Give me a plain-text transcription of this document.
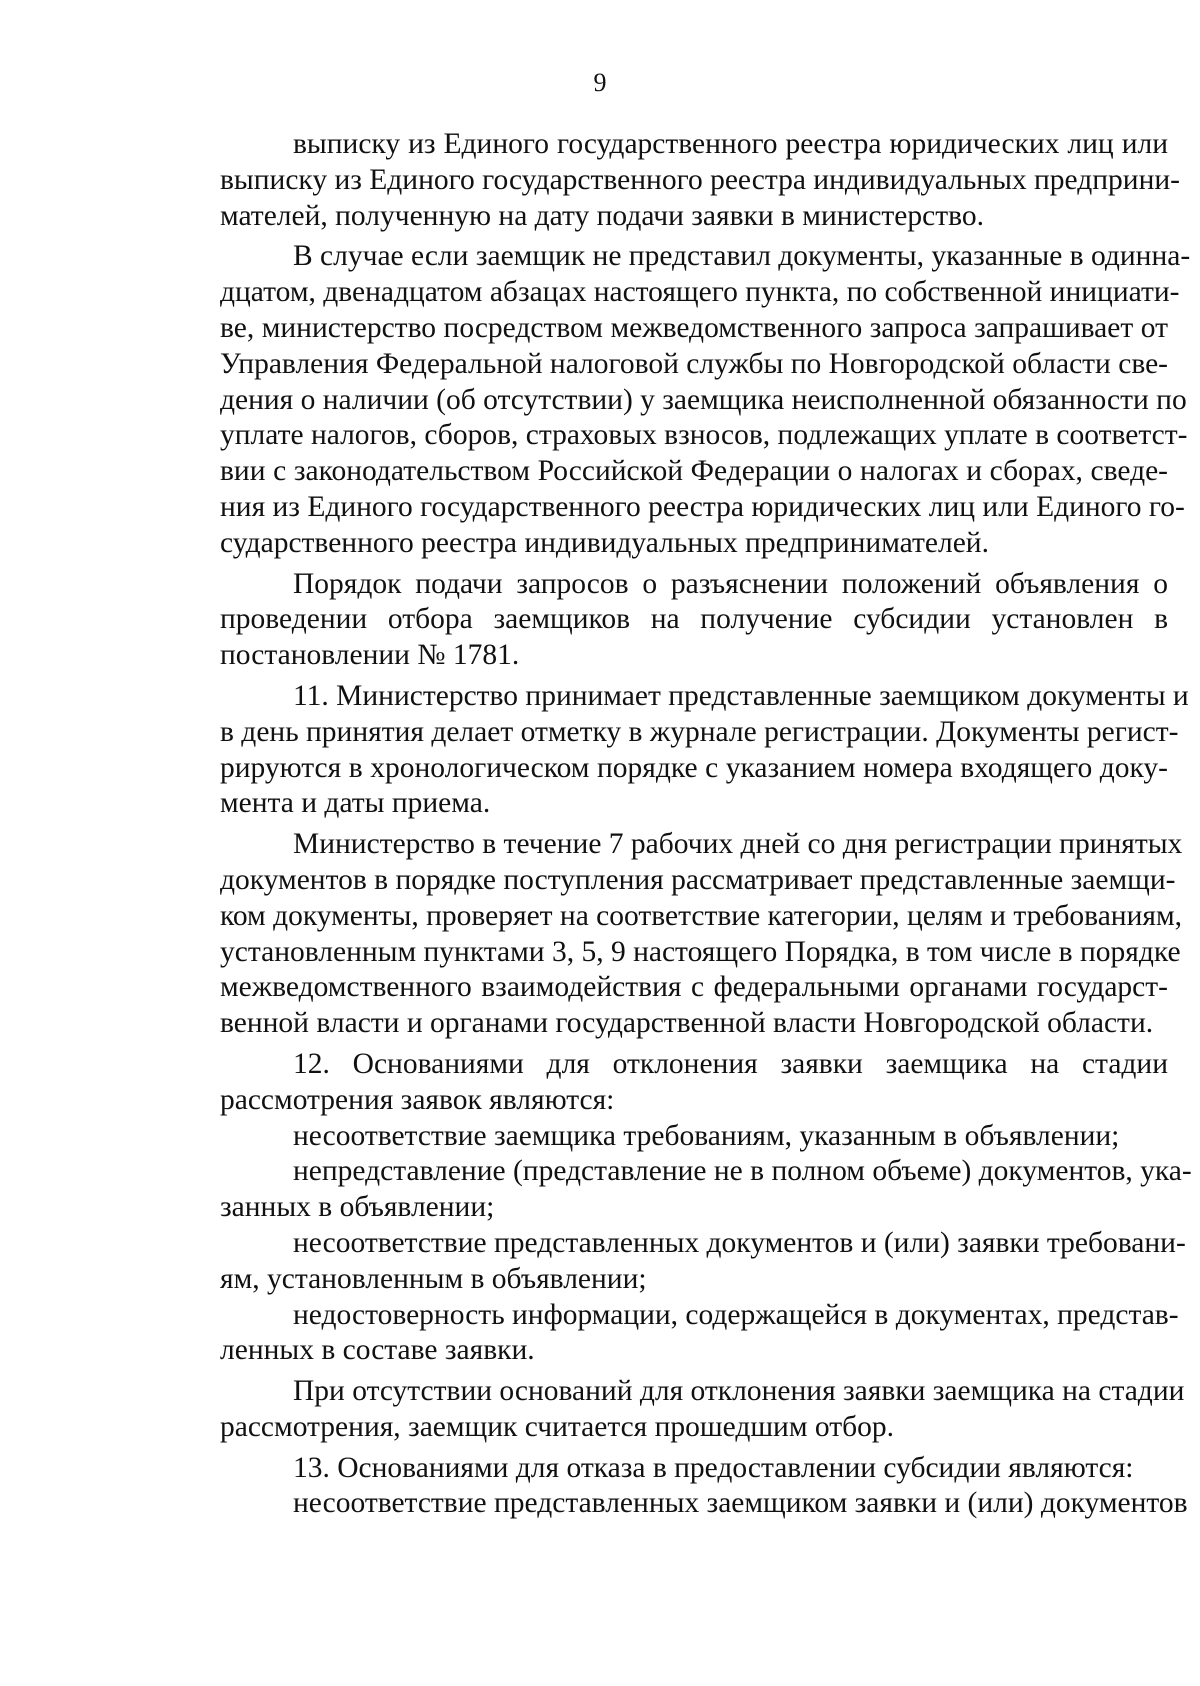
9
выписку из Единого государственного реестра юридических лиц или
выписку из Единого государственного реестра индивидуальных предприни-
мателей, полученную на дату подачи заявки в министерство.
В случае если заемщик не представил документы, указанные в одинна-
дцатом, двенадцатом абзацах настоящего пункта, по собственной инициати-
ве, министерство посредством межведомственного запроса запрашивает от
Управления Федеральной налоговой службы по Новгородской области све-
дения о наличии (об отсутствии) у заемщика неисполненной обязанности по
уплате налогов, сборов, страховых взносов, подлежащих уплате в соответст-
вии с законодательством Российской Федерации о налогах и сборах, сведе-
ния из Единого государственного реестра юридических лиц или Единого го-
сударственного реестра индивидуальных предпринимателей.
Порядок подачи запросов о разъяснении положений объявления о
проведении отбора заемщиков на получение субсидии установлен в
постановлении № 1781.
11. Министерство принимает представленные заемщиком документы и
в день принятия делает отметку в журнале регистрации. Документы регист-
рируются в хронологическом порядке с указанием номера входящего доку-
мента и даты приема.
Министерство в течение 7 рабочих дней со дня регистрации принятых
документов в порядке поступления рассматривает представленные заемщи-
ком документы, проверяет на соответствие категории, целям и требованиям,
установленным пунктами 3, 5, 9 настоящего Порядка, в том числе в порядке
межведомственного взаимодействия с федеральными органами государст-
венной власти и органами государственной власти Новгородской области.
12. Основаниями для отклонения заявки заемщика на стадии
рассмотрения заявок являются:
несоответствие заемщика требованиям, указанным в объявлении;
непредставление (представление не в полном объеме) документов, ука-
занных в объявлении;
несоответствие представленных документов и (или) заявки требовани-
ям, установленным в объявлении;
недостоверность информации, содержащейся в документах, представ-
ленных в составе заявки.
При отсутствии оснований для отклонения заявки заемщика на стадии
рассмотрения, заемщик считается прошедшим отбор.
13. Основаниями для отказа в предоставлении субсидии являются:
несоответствие представленных заемщиком заявки и (или) документов
